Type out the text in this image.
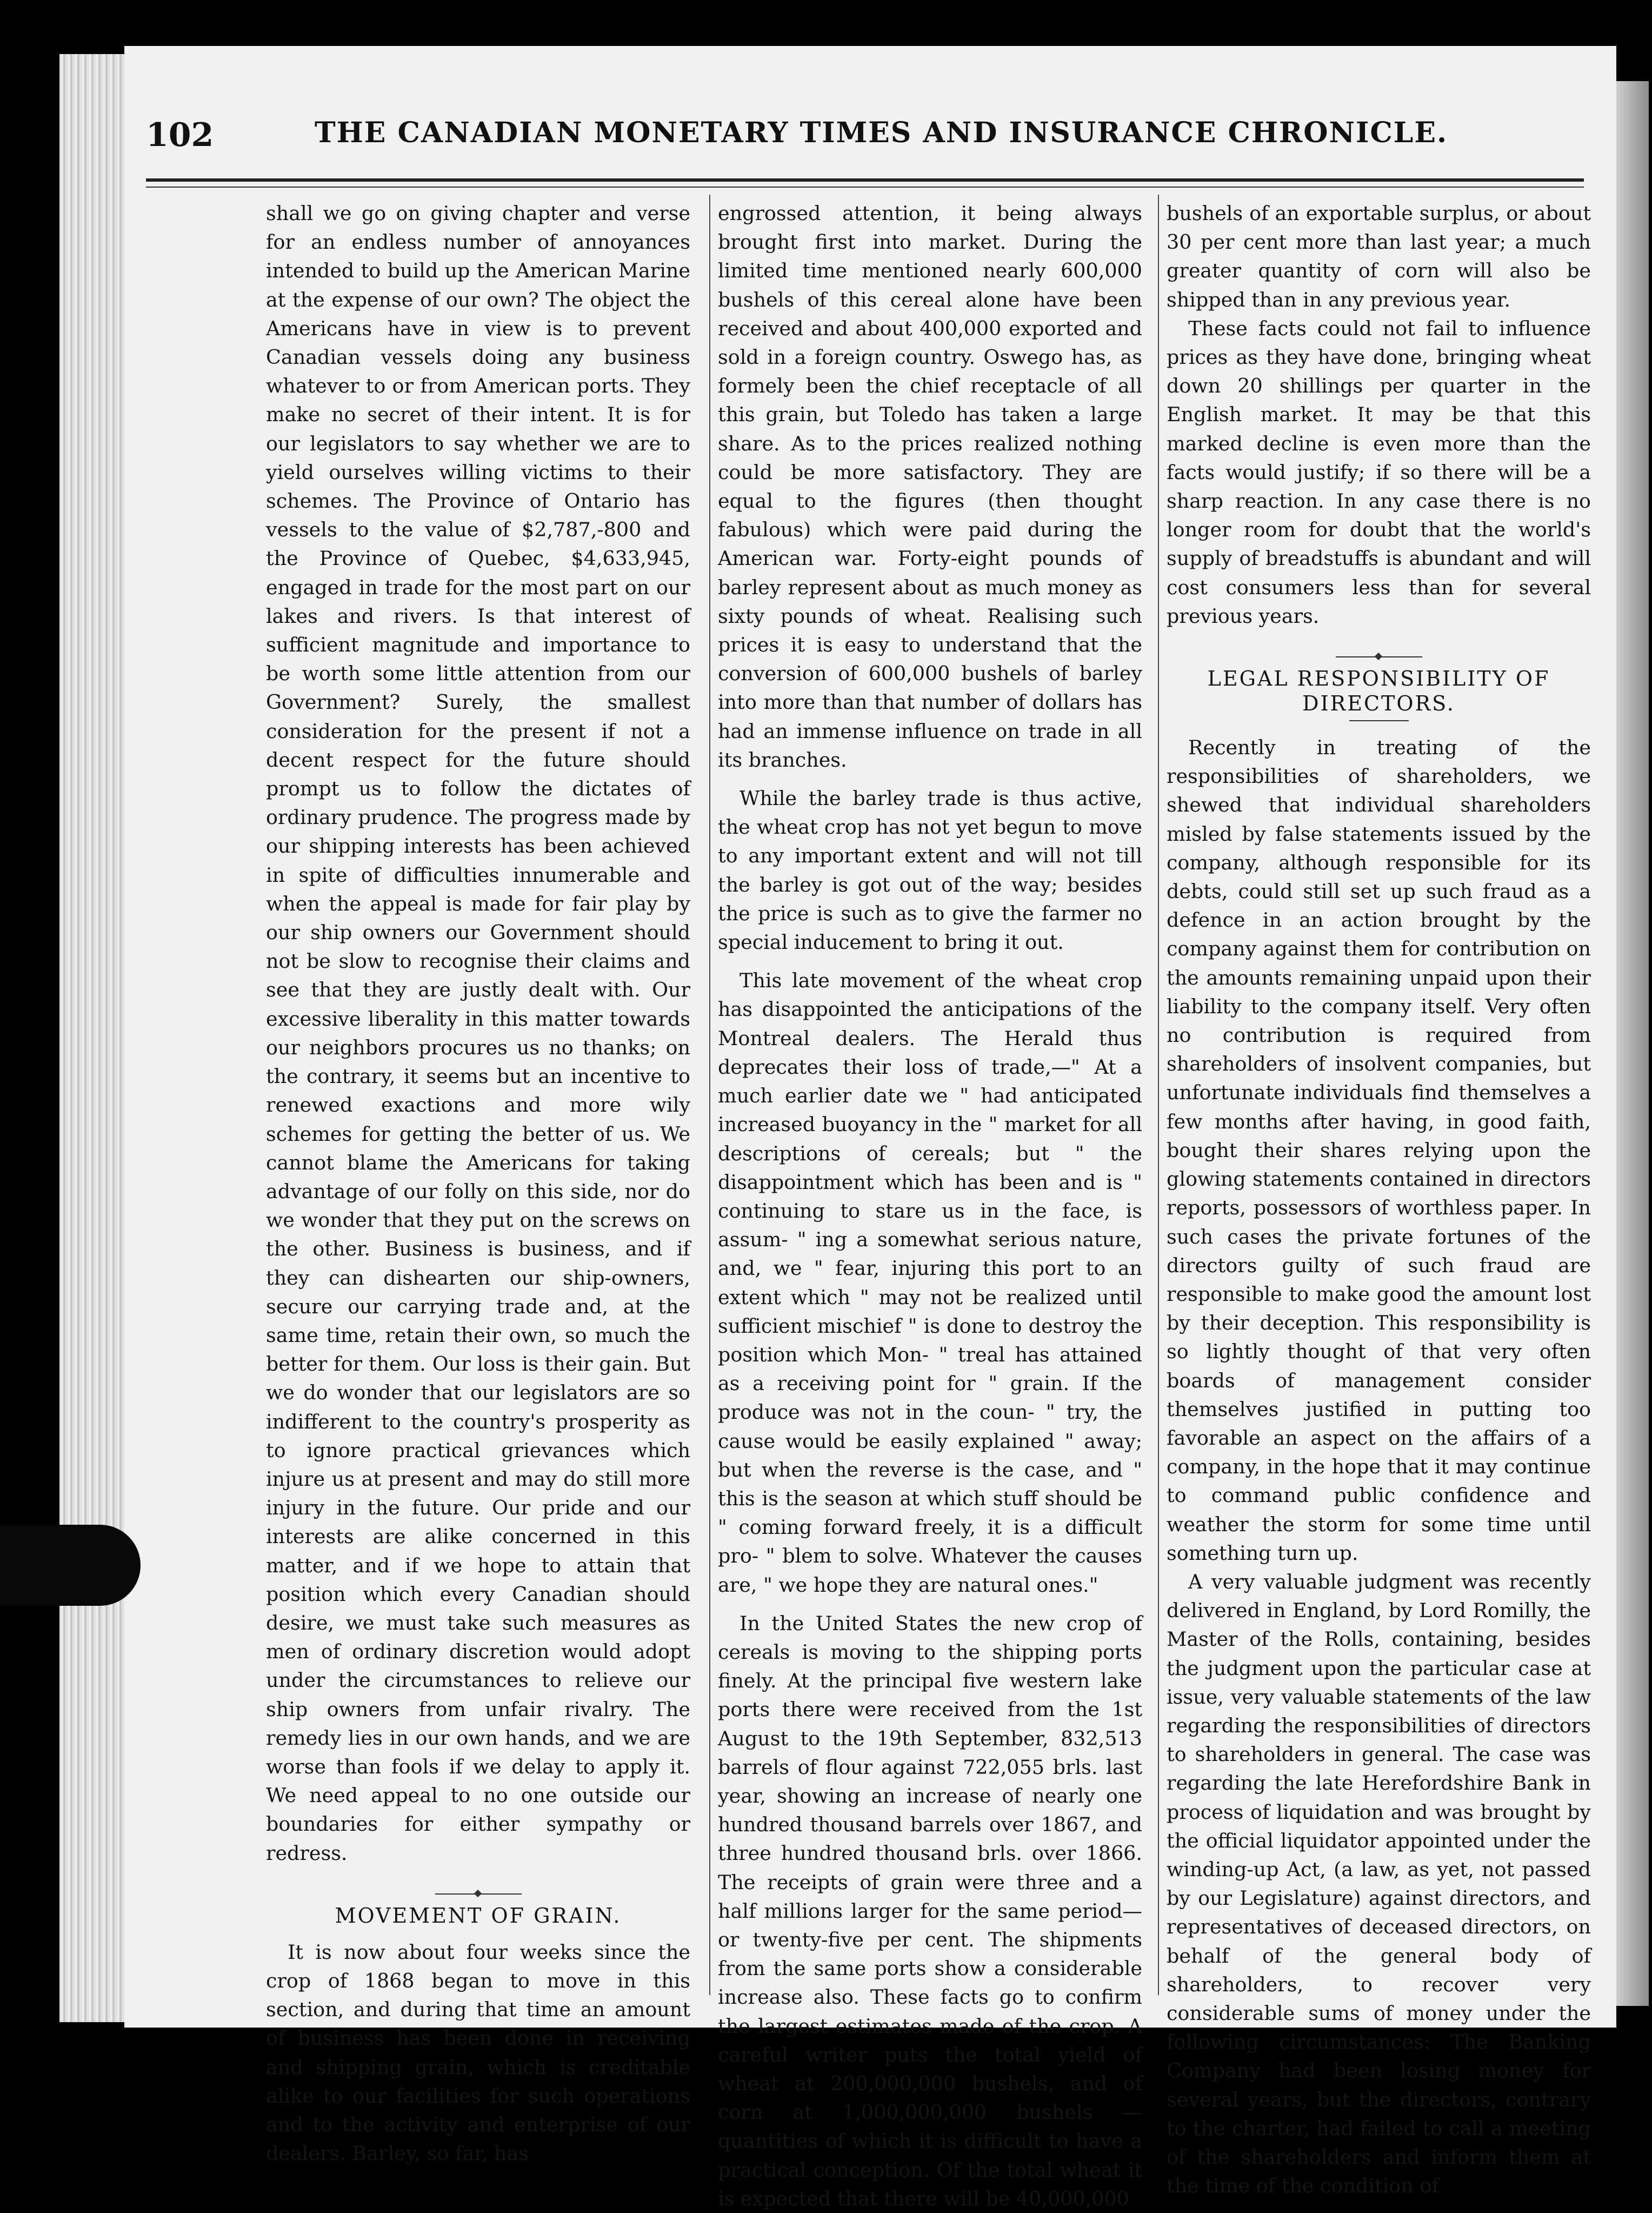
102	THE CANADIAN MONETARY TIMES AND INSURANCE CHRONICLE.

shall we go on giving chapter and verse for an endless number of annoyances intended to build up the American Marine at the expense of our own? The object the Americans have in view is to prevent Canadian vessels doing any business whatever to or from American ports. They make no secret of their intent. It is for our legislators to say whether we are to yield ourselves willing victims to their schemes. The Province of Ontario has vessels to the value of $2,787,-800 and the Province of Quebec, $4,633,945, engaged in trade for the most part on our lakes and rivers. Is that interest of sufficient magnitude and importance to be worth some little attention from our Government? Surely, the smallest consideration for the present if not a decent respect for the future should prompt us to follow the dictates of ordinary prudence. The progress made by our shipping interests has been achieved in spite of difficulties innumerable and when the appeal is made for fair play by our ship owners our Government should not be slow to recognise their claims and see that they are justly dealt with. Our excessive liberality in this matter towards our neighbors procures us no thanks; on the contrary, it seems but an incentive to renewed exactions and more wily schemes for getting the better of us. We cannot blame the Americans for taking advantage of our folly on this side, nor do we wonder that they put on the screws on the other. Business is business, and if they can dishearten our ship-owners, secure our carrying trade and, at the same time, retain their own, so much the better for them. Our loss is their gain. But we do wonder that our legislators are so indifferent to the country's prosperity as to ignore practical grievances which injure us at present and may do still more injury in the future. Our pride and our interests are alike concerned in this matter, and if we hope to attain that position which every Canadian should desire, we must take such measures as men of ordinary discretion would adopt under the circumstances to relieve our ship owners from unfair rivalry. The remedy lies in our own hands, and we are worse than fools if we delay to apply it. We need appeal to no one outside our boundaries for either sympathy or redress.

MOVEMENT OF GRAIN.

It is now about four weeks since the crop of 1868 began to move in this section, and during that time an amount of business has been done in receiving and shipping grain, which is creditable alike to our facilities for such operations and to the activity and enterprise of our dealers. Barley, so far, has

engrossed attention, it being always brought first into market. During the limited time mentioned nearly 600,000 bushels of this cereal alone have been received and about 400,000 exported and sold in a foreign country. Oswego has, as formely been the chief receptacle of all this grain, but Toledo has taken a large share. As to the prices realized nothing could be more satisfactory. They are equal to the figures (then thought fabulous) which were paid during the American war. Forty-eight pounds of barley represent about as much money as sixty pounds of wheat. Realising such prices it is easy to understand that the conversion of 600,000 bushels of barley into more than that number of dollars has had an immense influence on trade in all its branches.

While the barley trade is thus active, the wheat crop has not yet begun to move to any important extent and will not till the barley is got out of the way; besides the price is such as to give the farmer no special inducement to bring it out.

This late movement of the wheat crop has disappointed the anticipations of the Montreal dealers. The Herald thus deprecates their loss of trade,—" At a much earlier date we " had anticipated increased buoyancy in the " market for all descriptions of cereals; but " the disappointment which has been and is " continuing to stare us in the face, is assum- " ing a somewhat serious nature, and, we " fear, injuring this port to an extent which " may not be realized until sufficient mischief " is done to destroy the position which Mon- " treal has attained as a receiving point for " grain. If the produce was not in the coun- " try, the cause would be easily explained " away; but when the reverse is the case, and " this is the season at which stuff should be " coming forward freely, it is a difficult pro- " blem to solve. Whatever the causes are, " we hope they are natural ones."

In the United States the new crop of cereals is moving to the shipping ports finely. At the principal five western lake ports there were received from the 1st August to the 19th September, 832,513 barrels of flour against 722,055 brls. last year, showing an increase of nearly one hundred thousand barrels over 1867, and three hundred thousand brls. over 1866. The receipts of grain were three and a half millions larger for the same period—or twenty-five per cent. The shipments from the same ports show a considerable increase also. These facts go to confirm the largest estimates made of the crop. A careful writer puts the total yield of wheat at 200,000,000 bushels, and of corn at 1,000,000,000 bushels —quantities of which it is difficult to have a practical conception. Of the total wheat it is expected that there will be 40,000,000

bushels of an exportable surplus, or about 30 per cent more than last year; a much greater quantity of corn will also be shipped than in any previous year.

These facts could not fail to influence prices as they have done, bringing wheat down 20 shillings per quarter in the English market. It may be that this marked decline is even more than the facts would justify; if so there will be a sharp reaction. In any case there is no longer room for doubt that the world's supply of breadstuffs is abundant and will cost consumers less than for several previous years.

LEGAL RESPONSIBILITY OF
DIRECTORS.

Recently in treating of the responsibilities of shareholders, we shewed that individual shareholders misled by false statements issued by the company, although responsible for its debts, could still set up such fraud as a defence in an action brought by the company against them for contribution on the amounts remaining unpaid upon their liability to the company itself. Very often no contribution is required from shareholders of insolvent companies, but unfortunate individuals find themselves a few months after having, in good faith, bought their shares relying upon the glowing statements contained in directors reports, possessors of worthless paper. In such cases the private fortunes of the directors guilty of such fraud are responsible to make good the amount lost by their deception. This responsibility is so lightly thought of that very often boards of management consider themselves justified in putting too favorable an aspect on the affairs of a company, in the hope that it may continue to command public confidence and weather the storm for some time until something turn up.

A very valuable judgment was recently delivered in England, by Lord Romilly, the Master of the Rolls, containing, besides the judgment upon the particular case at issue, very valuable statements of the law regarding the responsibilities of directors to shareholders in general. The case was regarding the late Herefordshire Bank in process of liquidation and was brought by the official liquidator appointed under the winding-up Act, (a law, as yet, not passed by our Legislature) against directors, and representatives of deceased directors, on behalf of the general body of shareholders, to recover very considerable sums of money under the following circumstances: The Banking Company had been losing money for several years, but the directors, contrary to the charter, had failed to call a meeting of the shareholders and inform them at the time of the condition of
